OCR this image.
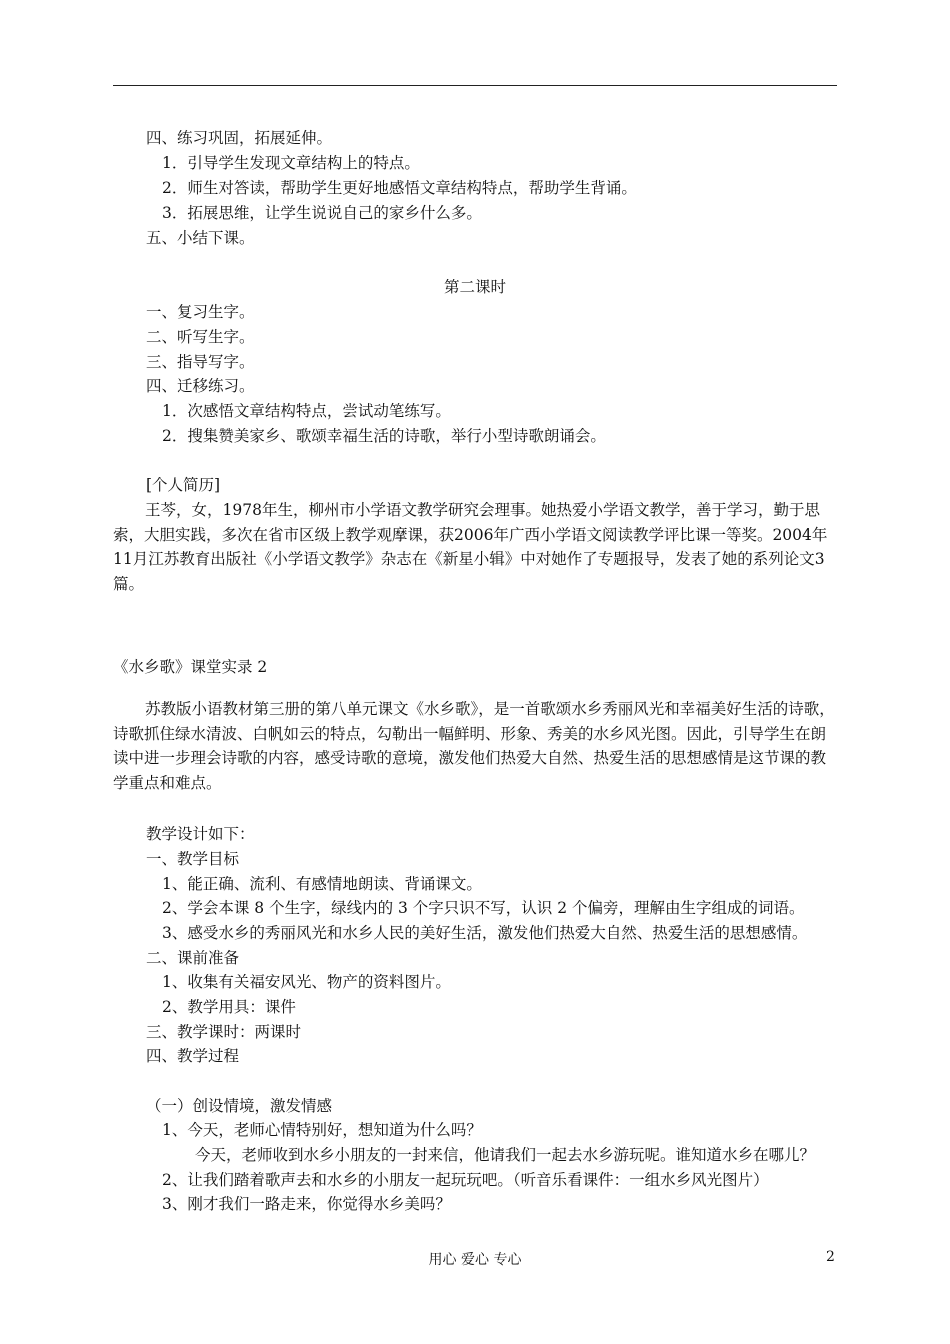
四、练习巩固，拓展延伸。
1．引导学生发现文章结构上的特点。
2．师生对答读，帮助学生更好地感悟文章结构特点，帮助学生背诵。
3．拓展思维，让学生说说自己的家乡什么多。
五、小结下课。
第二课时
一、复习生字。
二、听写生字。
三、指导写字。
四、迁移练习。
1．次感悟文章结构特点，尝试动笔练写。
2．搜集赞美家乡、歌颂幸福生活的诗歌，举行小型诗歌朗诵会。
[个人简历]
王芩，女，1978年生，柳州市小学语文教学研究会理事。她热爱小学语文教学，善于学习，勤于思索，大胆实践，多次在省市区级上教学观摩课，获2006年广西小学语文阅读教学评比课一等奖。2004年11月江苏教育出版社《小学语文教学》杂志在《新星小辑》中对她作了专题报导，发表了她的系列论文3篇。
《水乡歌》课堂实录 2
苏教版小语教材第三册的第八单元课文《水乡歌》，是一首歌颂水乡秀丽风光和幸福美好生活的诗歌，诗歌抓住绿水清波、白帆如云的特点，勾勒出一幅鲜明、形象、秀美的水乡风光图。因此，引导学生在朗读中进一步理会诗歌的内容，感受诗歌的意境，激发他们热爱大自然、热爱生活的思想感情是这节课的教学重点和难点。
教学设计如下：
一、教学目标
1、能正确、流利、有感情地朗读、背诵课文。
2、学会本课 8 个生字，绿线内的 3 个字只识不写，认识 2 个偏旁，理解由生字组成的词语。
3、感受水乡的秀丽风光和水乡人民的美好生活，激发他们热爱大自然、热爱生活的思想感情。
二、课前准备
1、收集有关福安风光、物产的资料图片。
2、教学用具：课件
三、教学课时：两课时
四、教学过程
（一）创设情境，激发情感
1、今天，老师心情特别好，想知道为什么吗？
今天，老师收到水乡小朋友的一封来信，他请我们一起去水乡游玩呢。谁知道水乡在哪儿？
2、让我们踏着歌声去和水乡的小朋友一起玩玩吧。（听音乐看课件：一组水乡风光图片）
3、刚才我们一路走来，你觉得水乡美吗？
用心 爱心 专心	2
